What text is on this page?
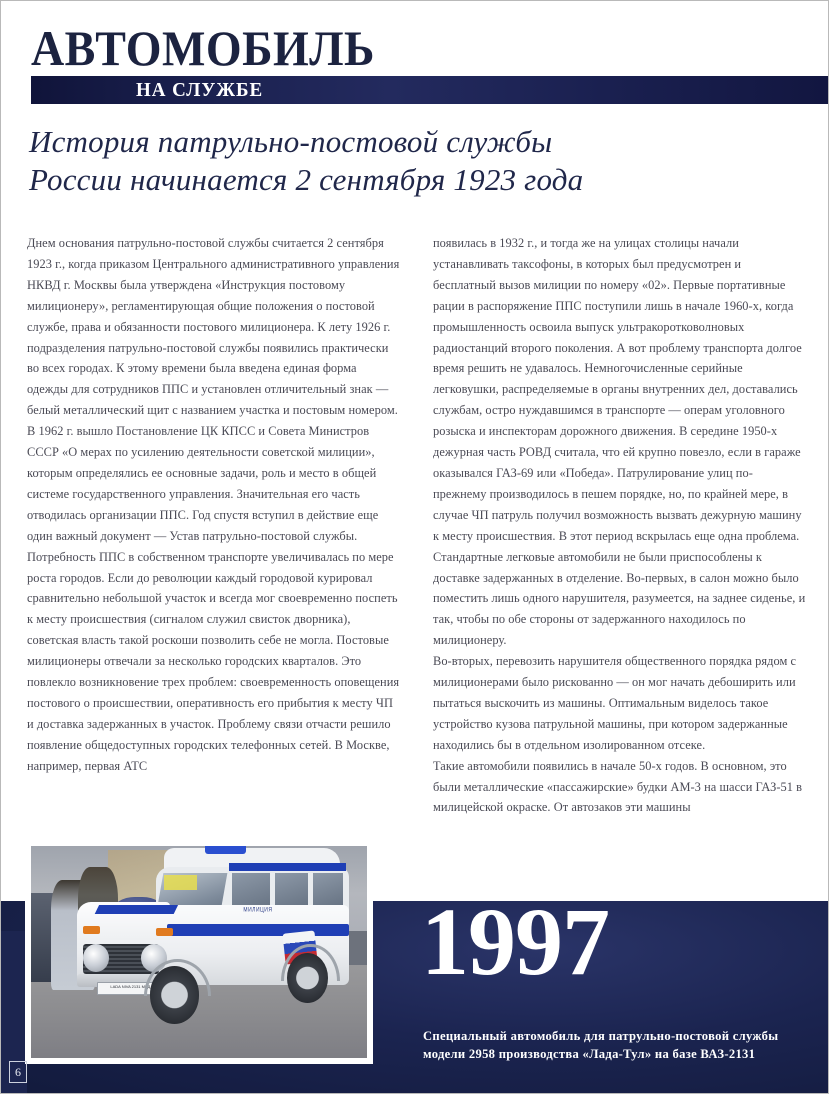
АВТОМОБИЛЬ
НА СЛУЖБЕ
История патрульно-постовой службы
России начинается 2 сентября 1923 года

Днем основания патрульно-постовой службы считается 2 сентября 1923 г., когда приказом Центрального административного управления НКВД г. Москвы была утверждена «Инструкция постовому милиционеру», регламентирующая общие положения о постовой службе, права и обязанности постового милиционера. К лету 1926 г. подразделения патрульно-постовой службы появились практически во всех городах. К этому времени была введена единая форма одежды для сотрудников ППС и установлен отличительный знак — белый металлический щит с названием участка и постовым номером.

В 1962 г. вышло Постановление ЦК КПСС и Совета Министров СССР «О мерах по усилению деятельности советской милиции», которым определялись ее основные задачи, роль и место в общей системе государственного управления. Значительная его часть отводилась организации ППС. Год спустя вступил в действие еще один важный документ — Устав патрульно-постовой службы.

Потребность ППС в собственном транспорте увеличивалась по мере роста городов. Если до революции каждый городовой курировал сравнительно небольшой участок и всегда мог своевременно поспеть к месту происшествия (сигналом служил свисток дворника), советская власть такой роскоши позволить себе не могла. Постовые милиционеры отвечали за несколько городских кварталов. Это повлекло возникновение трех проблем: своевременность оповещения постового о происшествии, оперативность его прибытия к месту ЧП и доставка задержанных в участок. Проблему связи отчасти решило появление общедоступных городских телефонных сетей. В Москве, например, первая АТС

появилась в 1932 г., и тогда же на улицах столицы начали устанавливать таксофоны, в которых был предусмотрен и бесплатный вызов милиции по номеру «02». Первые портативные рации в распоряжение ППС поступили лишь в начале 1960-х, когда промышленность освоила выпуск ультракоротковолновых радиостанций второго поколения. А вот проблему транспорта долгое время решить не удавалось. Немногочисленные серийные легковушки, распределяемые в органы внутренних дел, доставались службам, остро нуждавшимся в транспорте — операм уголовного розыска и инспекторам дорожного движения. В середине 1950-х дежурная часть РОВД считала, что ей крупно повезло, если в гараже оказывался ГАЗ-69 или «Победа». Патрулирование улиц по-прежнему производилось в пешем порядке, но, по крайней мере, в случае ЧП патруль получил возможность вызвать дежурную машину к месту происшествия. В этот период вскрылась еще одна проблема. Стандартные легковые автомобили не были приспособлены к доставке задержанных в отделение. Во-первых, в салон можно было поместить лишь одного нарушителя, разумеется, на заднее сиденье, и так, чтобы по обе стороны от задержанного находилось по милиционеру.

Во-вторых, перевозить нарушителя общественного порядка рядом с милиционерами было рискованно — он мог начать дебоширить или пытаться выскочить из машины. Оптимальным виделось такое устройство кузова патрульной машины, при котором задержанные находились бы в отдельном изолированном отсеке.

Такие автомобили появились в начале 50-х годов. В основном, это были металлические «пассажирские» будки АМ-3 на шасси ГАЗ-51 в милицейской окраске. От автозаков эти машины

МИЛИЦИЯ
LADA NIVA 2131 МВД	1997
Специальный автомобиль для патрульно-постовой службы
модели 2958 производства «Лада-Тул» на базе ВАЗ-2131
6
